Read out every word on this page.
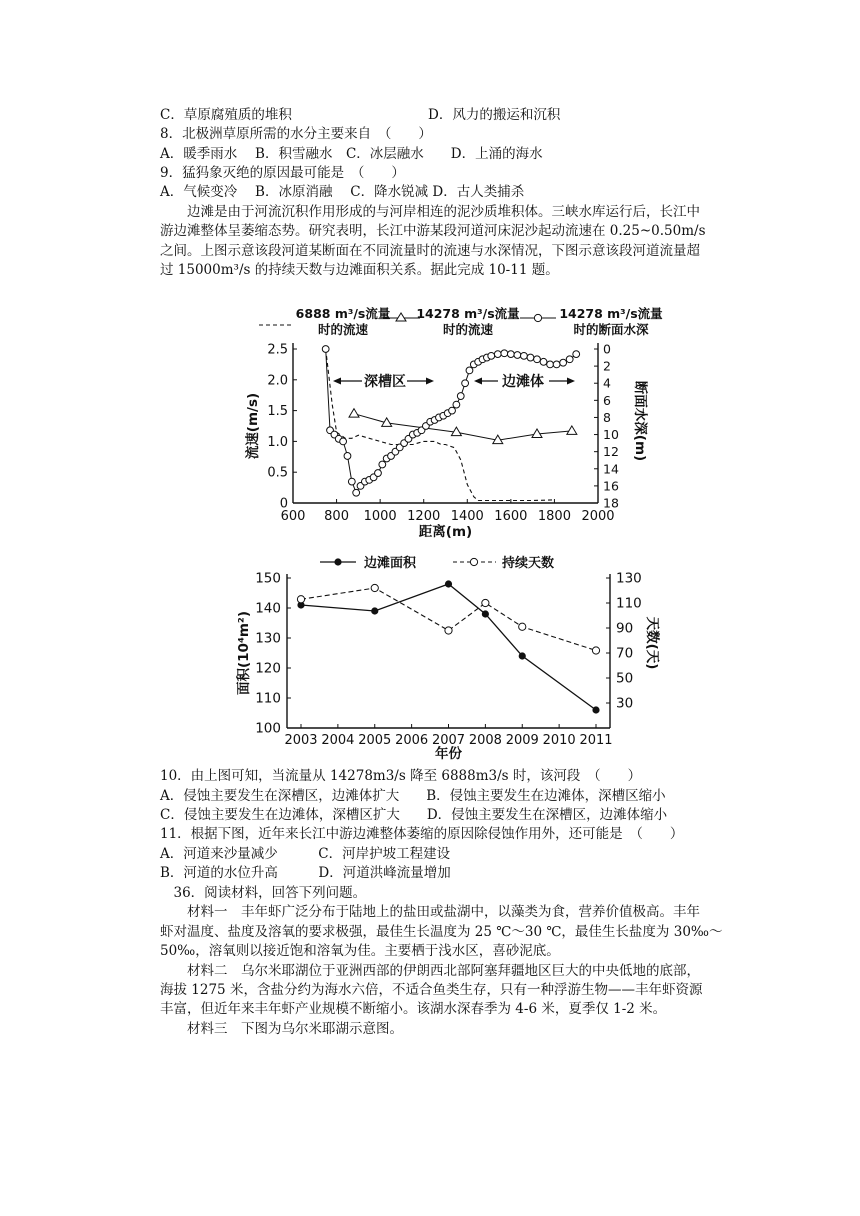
C．草原腐殖质的堆积	D．风力的搬运和沉积
8．北极洲草原所需的水分主要来自　（　　）
A．暖季雨水　 B．积雪融水　C．冰层融水　　D．上涌的海水
9．猛犸象灭绝的原因最可能是　（　　）
A．气候变冷　 B．冰原消融　 C．降水锐减 D．古人类捕杀
　　边滩是由于河流沉积作用形成的与河岸相连的泥沙质堆积体。三峡水库运行后，长江中
游边滩整体呈萎缩态势。研究表明，长江中游某段河道河床泥沙起动流速在 0.25~0.50m/s
之间。上图示意该段河道某断面在不同流量时的流速与水深情况，下图示意该段河道流量超
过 15000m³/s 的持续天数与边滩面积关系。据此完成 10-11 题。
600 800 1000 1200 1400 1600 1800 2000
0
0.5
1.0
1.5
2.0
2.5	0
2
4
6
8
10
12
14
16
18
距离(m)
流速(m/s)	断面水深(m)
深槽区	边滩体
6888 m³/s流量
时的流速
14278 m³/s流量
时的流速
14278 m³/s流量
时的断面水深
2003 2004 2005 2006 2007 2008 2009 2010 2011
100
110
120
130
140
150
30
50
70
90
110
130
年份
面积(10⁴m²)	天数(天)
边滩面积	持续天数
10．由上图可知，当流量从 14278m3/s 降至 6888m3/s 时，该河段　（　　）
A．侵蚀主要发生在深槽区，边滩体扩大　　B．侵蚀主要发生在边滩体，深槽区缩小
C．侵蚀主要发生在边滩体，深槽区扩大　　D．侵蚀主要发生在深槽区，边滩体缩小
11．根据下图，近年来长江中游边滩整体萎缩的原因除侵蚀作用外，还可能是　（　　）
A．河道来沙量减少　　　C．河岸护坡工程建设
B．河道的水位升高　　　D．河道洪峰流量增加
　36．阅读材料，回答下列问题。
　　材料一　丰年虾广泛分布于陆地上的盐田或盐湖中，以藻类为食，营养价值极高。丰年
虾对温度、盐度及溶氧的要求极强，最佳生长温度为 25 ℃～30 ℃，最佳生长盐度为 30‰～
50‰，溶氧则以接近饱和溶氧为佳。主要栖于浅水区，喜砂泥底。
　　材料二　乌尔米耶湖位于亚洲西部的伊朗西北部阿塞拜疆地区巨大的中央低地的底部，
海拔 1275 米，含盐分约为海水六倍，不适合鱼类生存，只有一种浮游生物——丰年虾资源
丰富，但近年来丰年虾产业规模不断缩小。该湖水深春季为 4-6 米，夏季仅 1-2 米。
　　材料三　下图为乌尔米耶湖示意图。
